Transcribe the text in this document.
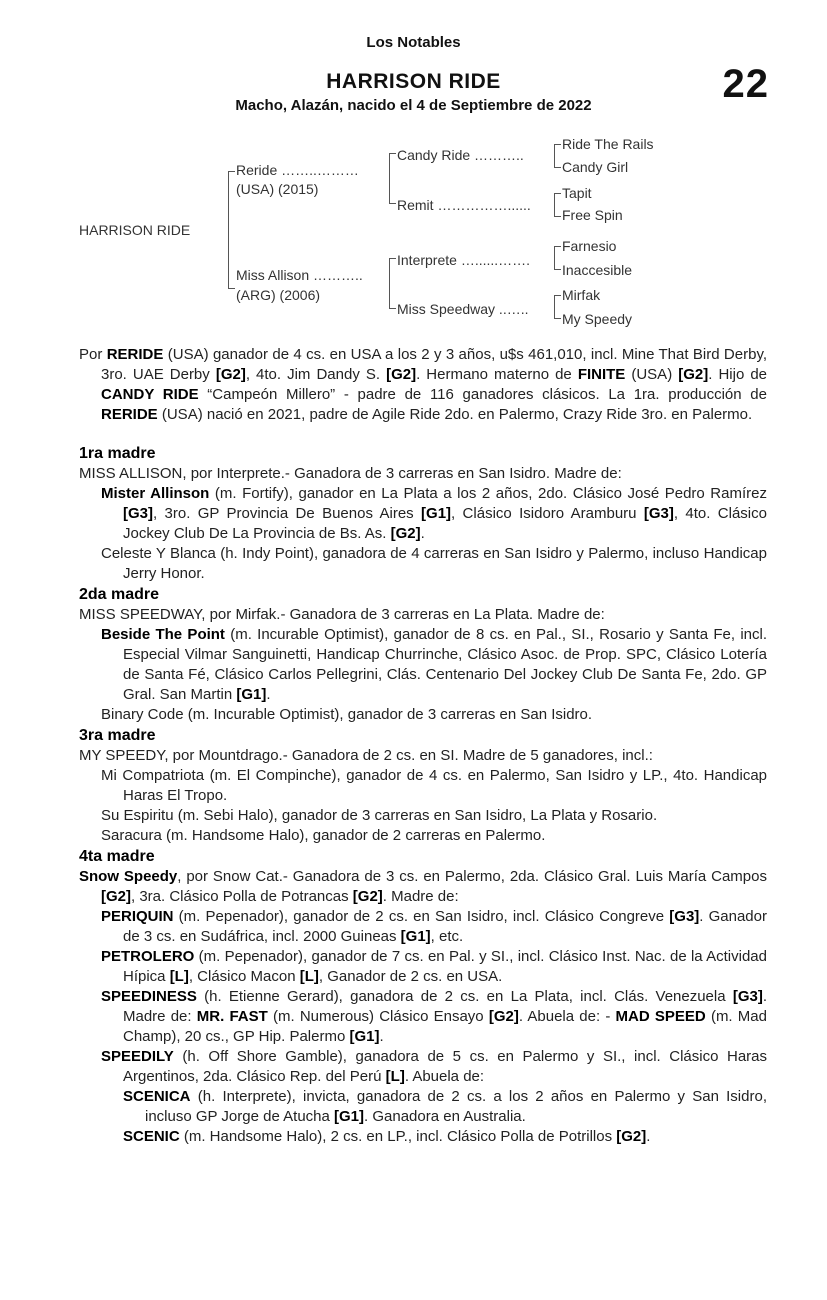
Los Notables
22
HARRISON RIDE
Macho, Alazán, nacido el 4 de Septiembre de 2022
HARRISON RIDE
Reride ……..………
(USA) (2015)
Miss Allison ………..
(ARG) (2006)
Candy Ride ………..
Remit ……………......
Interprete …......…….
Miss Speedway ..…..
Ride The Rails
Candy Girl
Tapit
Free Spin
Farnesio
Inaccesible
Mirfak
My Speedy

Por RERIDE (USA) ganador de 4 cs. en USA a los 2 y 3 años, u$s 461,010, incl. Mine That Bird Derby, 3ro. UAE Derby [G2], 4to. Jim Dandy S. [G2]. Hermano materno de FINITE (USA) [G2]. Hijo de CANDY RIDE “Campeón Millero” - padre de 116 ganadores clásicos. La 1ra. producción de RERIDE (USA) nació en 2021, padre de Agile Ride 2do. en Palermo, Crazy Ride 3ro. en Palermo.

1ra madre

MISS ALLISON, por Interprete.- Ganadora de 3 carreras en San Isidro. Madre de:

Mister Allinson (m. Fortify), ganador en La Plata a los 2 años, 2do. Clásico José Pedro Ramírez [G3], 3ro. GP Provincia De Buenos Aires [G1], Clásico Isidoro Aramburu [G3], 4to. Clásico Jockey Club De La Provincia de Bs. As. [G2].

Celeste Y Blanca (h. Indy Point), ganadora de 4 carreras en San Isidro y Palermo, incluso Handicap Jerry Honor.

2da madre

MISS SPEEDWAY, por Mirfak.- Ganadora de 3 carreras en La Plata. Madre de:

Beside The Point (m. Incurable Optimist), ganador de 8 cs. en Pal., SI., Rosario y Santa Fe, incl. Especial Vilmar Sanguinetti, Handicap Churrinche, Clásico Asoc. de Prop. SPC, Clásico Lotería de Santa Fé, Clásico Carlos Pellegrini, Clás. Centenario Del Jockey Club De Santa Fe, 2do. GP Gral. San Martin [G1].

Binary Code (m. Incurable Optimist), ganador de 3 carreras en San Isidro.

3ra madre

MY SPEEDY, por Mountdrago.- Ganadora de 2 cs. en SI. Madre de 5 ganadores, incl.:

Mi Compatriota (m. El Compinche), ganador de 4 cs. en Palermo, San Isidro y LP., 4to. Handicap Haras El Tropo.

Su Espiritu (m. Sebi Halo), ganador de 3 carreras en San Isidro, La Plata y Rosario.

Saracura (m. Handsome Halo), ganador de 2 carreras en Palermo.

4ta madre

Snow Speedy, por Snow Cat.- Ganadora de 3 cs. en Palermo, 2da. Clásico Gral. Luis María Campos [G2], 3ra. Clásico Polla de Potrancas [G2]. Madre de:

PERIQUIN (m. Pepenador), ganador de 2 cs. en San Isidro, incl. Clásico Congreve [G3]. Ganador de 3 cs. en Sudáfrica, incl. 2000 Guineas [G1], etc.

PETROLERO (m. Pepenador), ganador de 7 cs. en Pal. y SI., incl. Clásico Inst. Nac. de la Actividad Hípica [L], Clásico Macon [L], Ganador de 2 cs. en USA.

SPEEDINESS (h. Etienne Gerard), ganadora de 2 cs. en La Plata, incl. Clás. Venezuela [G3]. Madre de: MR. FAST (m. Numerous) Clásico Ensayo [G2]. Abuela de: - MAD SPEED (m. Mad Champ), 20 cs., GP Hip. Palermo [G1].

SPEEDILY (h. Off Shore Gamble), ganadora de 5 cs. en Palermo y SI., incl. Clásico Haras Argentinos, 2da. Clásico Rep. del Perú [L]. Abuela de:

SCENICA (h. Interprete), invicta, ganadora de 2 cs. a los 2 años en Palermo y San Isidro, incluso GP Jorge de Atucha [G1]. Ganadora en Australia.

SCENIC (m. Handsome Halo), 2 cs. en LP., incl. Clásico Polla de Potrillos [G2].
